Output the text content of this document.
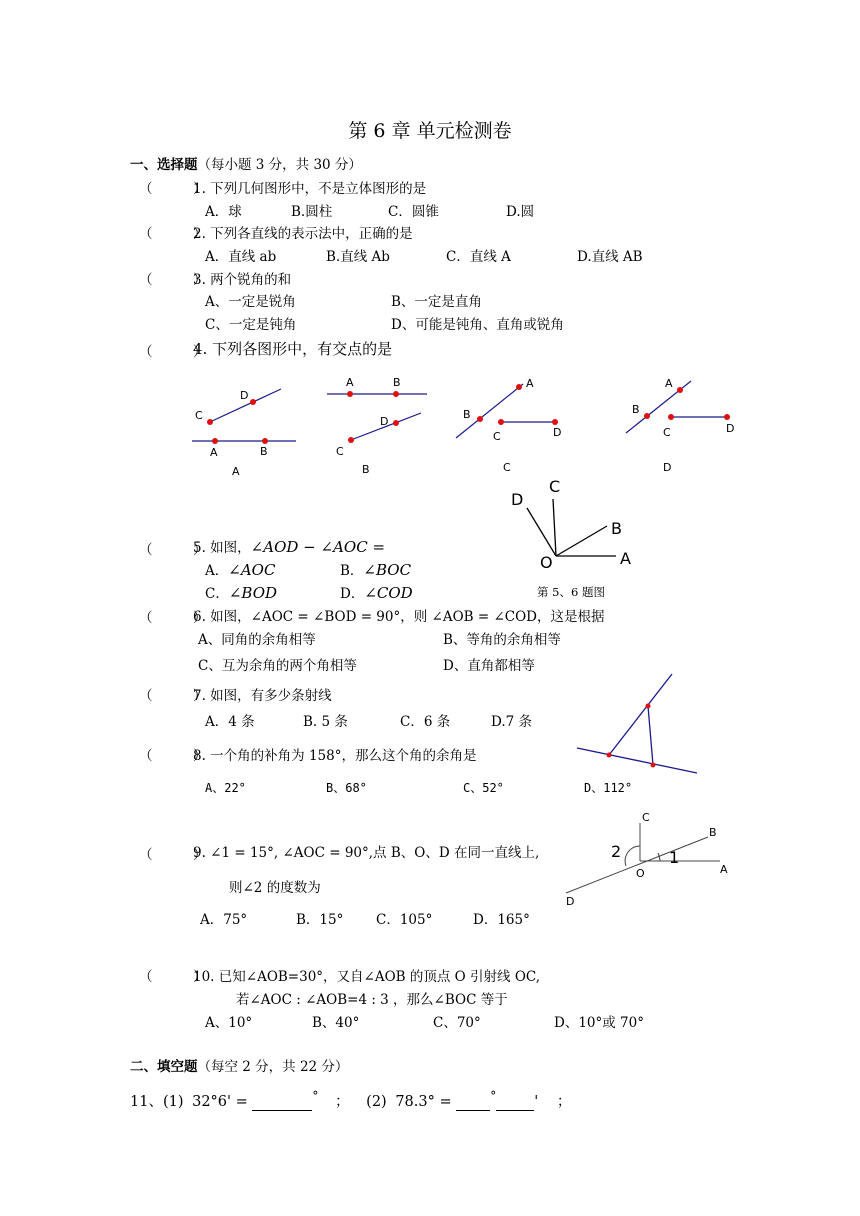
第 6 章 单元检测卷
一、选择题（每小题 3 分，共 30 分）
（　　　）
1. 下列几何图形中，不是立体图形的是
A．球	B.圆柱	C．圆锥	D.圆
（　　　）
2. 下列各直线的表示法中，正确的是
A．直线 ab	B.直线 Ab	C．直线 A	D.直线 AB
（　　　）
3. 两个锐角的和
A、一定是锐角	B、一定是直角
C、一定是钝角	D、可能是钝角、直角或锐角
（　　　）
4. 下列各图形中，有交点的是
D
C
A	B
A
A	B
D
C
B
A
B
C	D
C
A
B
C	D
D
C
D
B
O	A
第 5、6 题图
（　　　）
5. 如图，∠AOD − ∠AOC =
A．∠AOC	B．∠BOC
C．∠BOD	D．∠COD
（　　　）
6. 如图，∠AOC = ∠BOD = 90°，则 ∠AOB = ∠COD，这是根据
A、同角的余角相等	B、等角的余角相等
C、互为余角的两个角相等	D、直角都相等
（　　　）
7. 如图，有多少条射线
A．4 条	B. 5 条	C．6 条	D.7 条
（　　　）
8. 一个角的补角为 158°，那么这个角的余角是
A、22°	B、68°	C、52°	D、112°
（　　　）
9. ∠1 = 15°, ∠AOC = 90°,点 B、O、D 在同一直线上,
则∠2 的度数为
A．75°	B．15° C．105°	D．165°
C
B
2	1
A
O
D
（　　　）
10. 已知∠AOB=30°，又自∠AOB 的顶点 O 引射线 OC,
若∠AOC : ∠AOB=4 : 3 ，那么∠BOC 等于
A、10°	B、40°	C、70°	D、10°或 70°
二、填空题（每空 2 分，共 22 分）
11、(1) 32°6' =	° ； (2) 78.3° =	°	' ；
